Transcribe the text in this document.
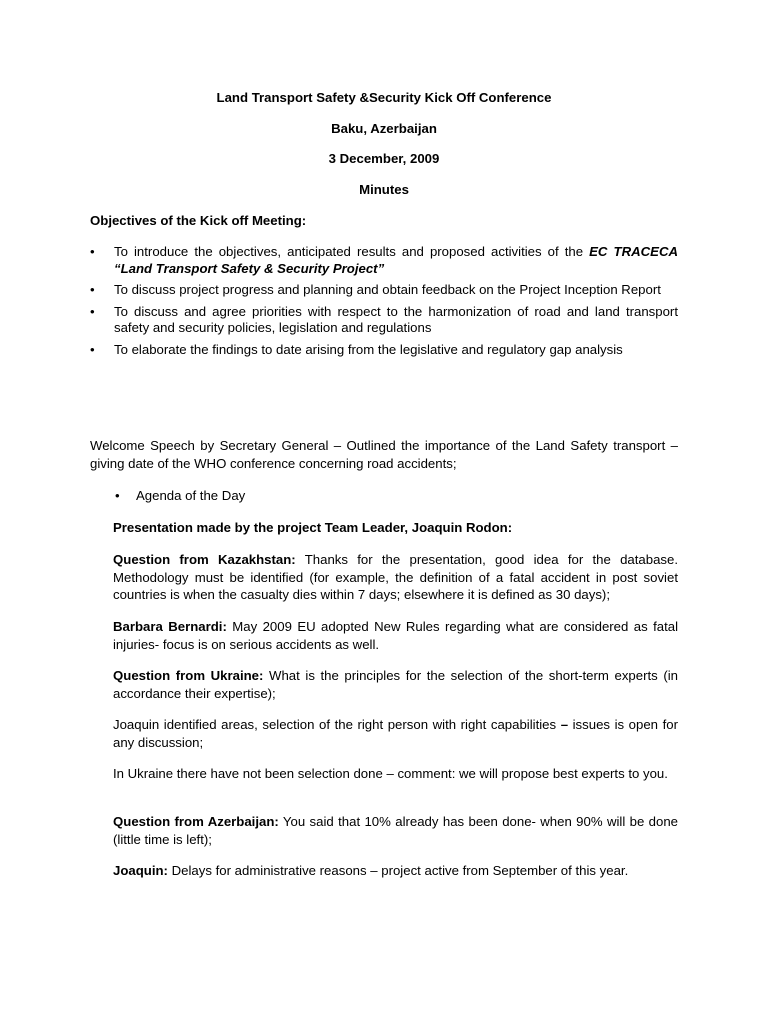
Land Transport Safety &Security Kick Off Conference
Baku, Azerbaijan
3 December, 2009
Minutes
Objectives of the Kick off Meeting:
• To introduce the objectives, anticipated results and proposed activities of the EC TRACECA “Land Transport Safety & Security Project”
• To discuss project progress and planning and obtain feedback on the Project Inception Report
• To discuss and agree priorities with respect to the harmonization of road and land transport safety and security policies, legislation and regulations
• To elaborate the findings to date arising from the legislative and regulatory gap analysis
Welcome Speech by Secretary General – Outlined the importance of the Land Safety transport – giving date of the WHO conference concerning road accidents;
• Agenda of the Day
Presentation made by the project Team Leader, Joaquin Rodon:
Question from Kazakhstan: Thanks for the presentation, good idea for the database. Methodology must be identified (for example, the definition of a fatal accident in post soviet countries is when the casualty dies within 7 days; elsewhere it is defined as 30 days);
Barbara Bernardi: May 2009 EU adopted New Rules regarding what are considered as fatal injuries- focus is on serious accidents as well.
Question from Ukraine: What is the principles for the selection of the short-term experts (in accordance their expertise);
Joaquin identified areas, selection of the right person with right capabilities – issues is open for any discussion;
In Ukraine there have not been selection done – comment: we will propose best experts to you.
Question from Azerbaijan: You said that 10% already has been done- when 90% will be done (little time is left);
Joaquin: Delays for administrative reasons – project active from September of this year.
